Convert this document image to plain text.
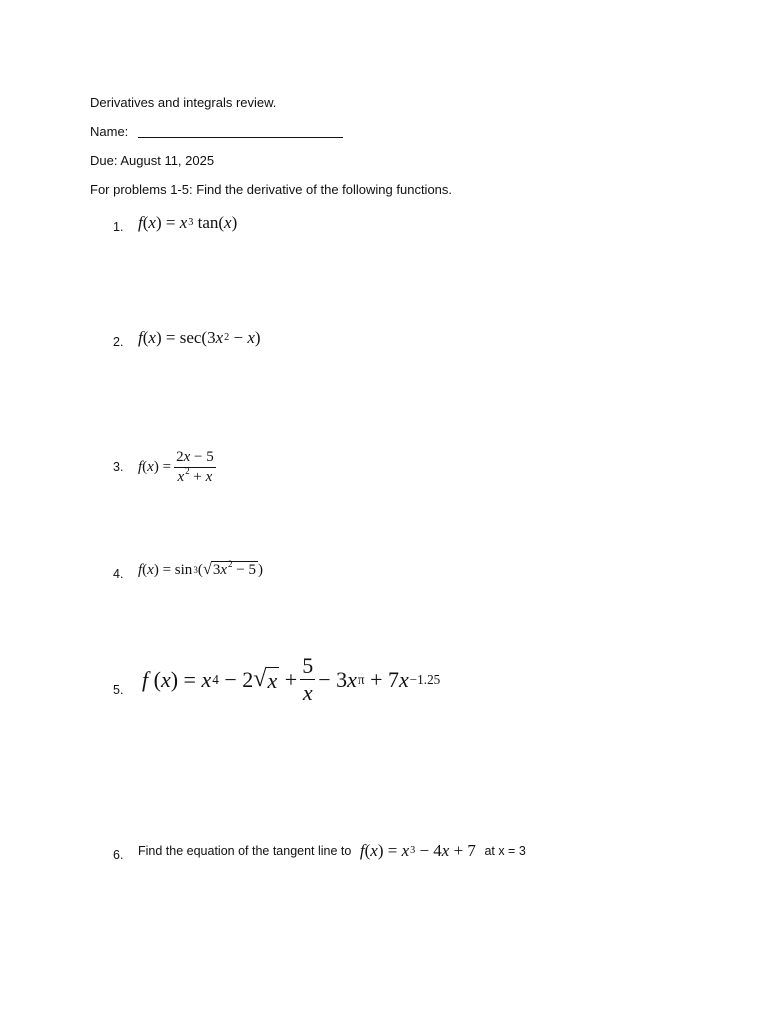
Derivatives and integrals review.
Name:
Due: August 11, 2025
For problems 1-5: Find the derivative of the following functions.
1. f ( x ) = x 3 tan( x )
2. f ( x ) = sec(3 x 2 − x )
3. f ( x ) = $\frac{2x - 5}{x^2 + x}$
4. f ( x ) = sin 3 ( √ $3x^2 - 5$ )
5. f ( x ) = x 4 − 2 √ $x + \frac{5}{x} - 3$ x π + 7 x −1.25
6. Find the equation of the tangent line to
f ( x ) = x 3 − 4 x + 7 at x = 3
